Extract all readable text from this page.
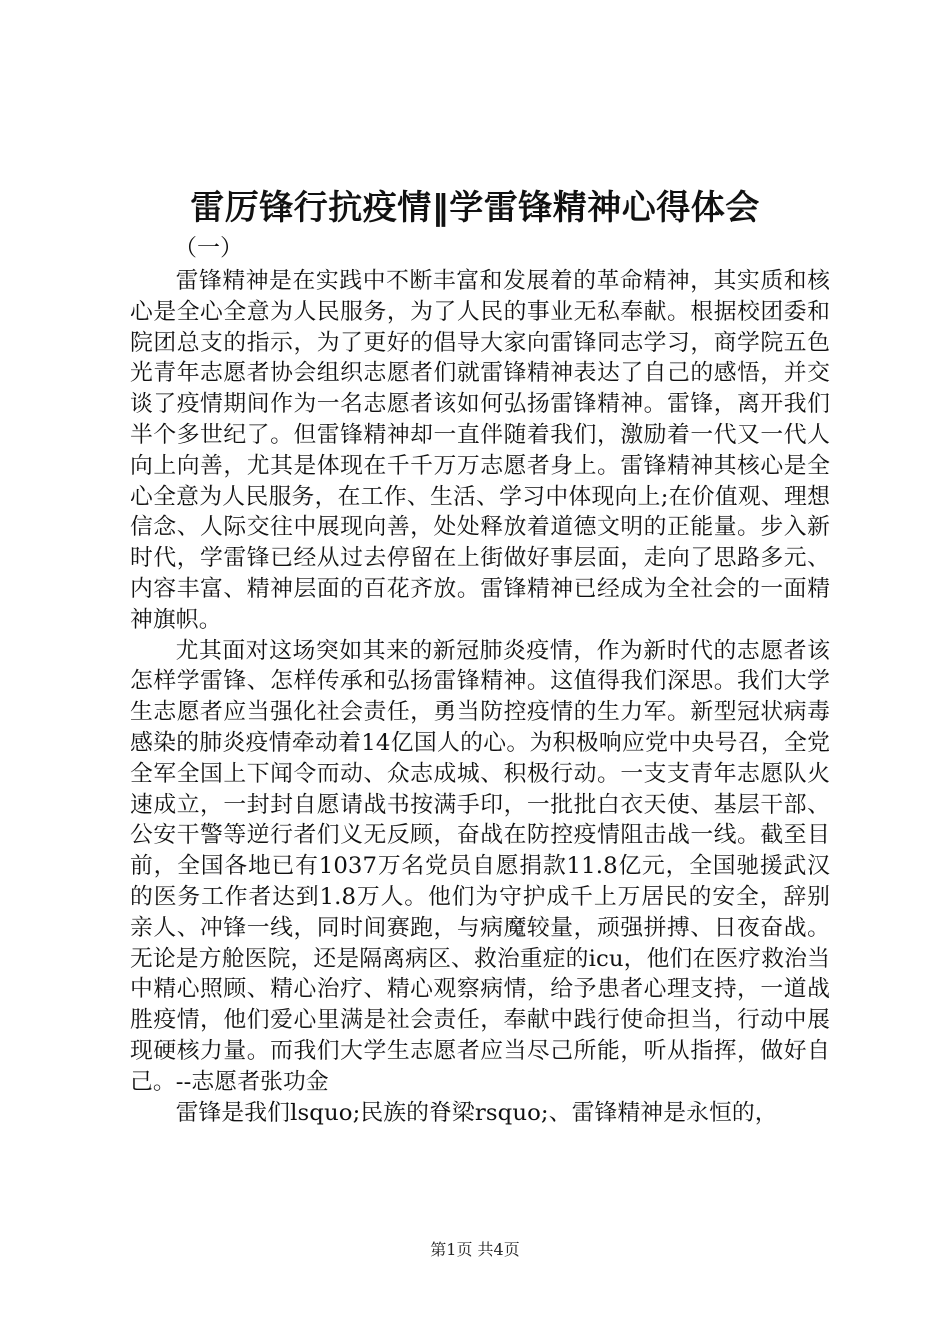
雷厉锋行抗疫情‖学雷锋精神心得体会
（一）

雷锋精神是在实践中不断丰富和发展着的革命精神，其实质和核心是全心全意为人民服务，为了人民的事业无私奉献。根据校团委和院团总支的指示，为了更好的倡导大家向雷锋同志学习，商学院五色光青年志愿者协会组织志愿者们就雷锋精神表达了自己的感悟，并交谈了疫情期间作为一名志愿者该如何弘扬雷锋精神。雷锋，离开我们半个多世纪了。但雷锋精神却一直伴随着我们，激励着一代又一代人向上向善，尤其是体现在千千万万志愿者身上。雷锋精神其核心是全心全意为人民服务，在工作、生活、学习中体现向上;在价值观、理想信念、人际交往中展现向善，处处释放着道德文明的正能量。步入新时代，学雷锋已经从过去停留在上街做好事层面，走向了思路多元、内容丰富、精神层面的百花齐放。雷锋精神已经成为全社会的一面精神旗帜。

尤其面对这场突如其来的新冠肺炎疫情，作为新时代的志愿者该怎样学雷锋、怎样传承和弘扬雷锋精神。这值得我们深思。我们大学生志愿者应当强化社会责任，勇当防控疫情的生力军。新型冠状病毒感染的肺炎疫情牵动着14亿国人的心。为积极响应党中央号召，全党全军全国上下闻令而动、众志成城、积极行动。一支支青年志愿队火速成立，一封封自愿请战书按满手印，一批批白衣天使、基层干部、公安干警等逆行者们义无反顾，奋战在防控疫情阻击战一线。截至目前，全国各地已有1037万名党员自愿捐款11.8亿元，全国驰援武汉的医务工作者达到1.8万人。他们为守护成千上万居民的安全，辞别亲人、冲锋一线，同时间赛跑，与病魔较量，顽强拼搏、日夜奋战。无论是方舱医院，还是隔离病区、救治重症的icu，他们在医疗救治当中精心照顾、精心治疗、精心观察病情，给予患者心理支持，一道战胜疫情，他们爱心里满是社会责任，奉献中践行使命担当，行动中展现硬核力量。而我们大学生志愿者应当尽己所能，听从指挥，做好自己。--志愿者张功金

雷锋是我们lsquo;民族的脊梁rsquo;、雷锋精神是永恒的，

第1页 共4页
